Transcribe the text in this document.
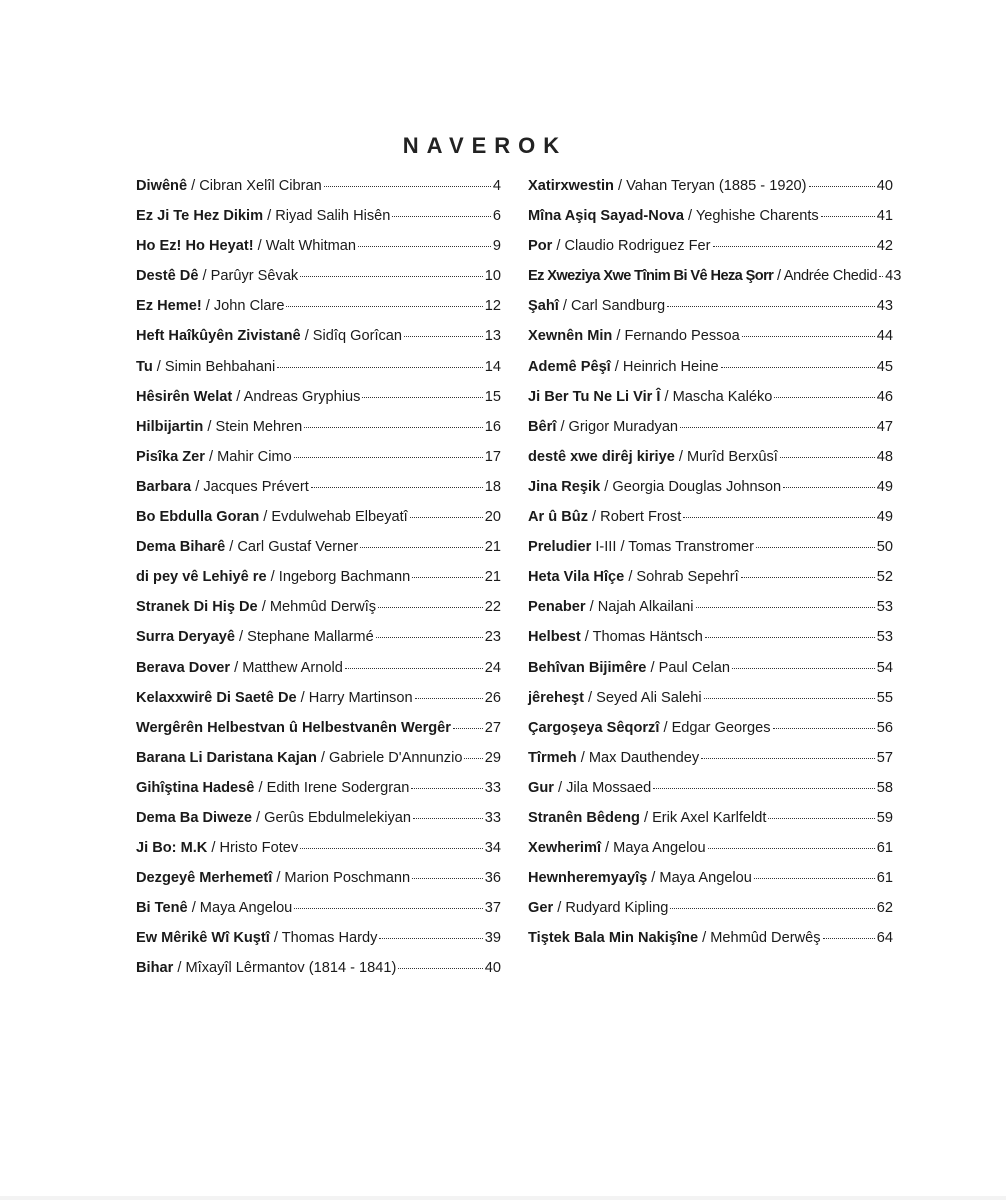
NAVEROK
Diwênê / Cibran Xelîl Cibran	4
Ez Ji Te Hez Dikim / Riyad Salih Hisên	6
Ho Ez! Ho Heyat! / Walt Whitman	9
Destê Dê / Parûyr Sêvak	10
Ez Heme! / John Clare	12
Heft Haîkûyên Zivistanê / Sidîq Gorîcan	13
Tu / Simin Behbahani	14
Hêsirên Welat / Andreas Gryphius	15
Hilbijartin / Stein Mehren	16
Pisîka Zer / Mahir Cimo	17
Barbara / Jacques Prévert	18
Bo Ebdulla Goran / Evdulwehab Elbeyatî	20
Dema Biharê / Carl Gustaf Verner	21
di pey vê Lehiyê re / Ingeborg Bachmann	21
Stranek Di Hiş De / Mehmûd Derwîş	22
Surra Deryayê / Stephane Mallarmé	23
Berava Dover / Matthew Arnold	24
Kelaxxwirê Di Saetê De / Harry Martinson	26
Wergêrên Helbestvan û Helbestvanên Wergêr 27
Barana Li Daristana Kajan / Gabriele D'Annunzio 29
Gihîştina Hadesê / Edith Irene Sodergran	33
Dema Ba Diweze / Gerûs Ebdulmelekiyan	33
Ji Bo: M.K / Hristo Fotev	34
Dezgeyê Merhemetî / Marion Poschmann	36
Bi Tenê / Maya Angelou	37
Ew Mêrikê Wî Kuştî / Thomas Hardy	39
Bihar / Mîxayîl Lêrmantov (1814 - 1841)	40
Xatirxwestin / Vahan Teryan (1885 - 1920)	40
Mîna Aşiq Sayad-Nova / Yeghishe Charents	41
Por / Claudio Rodriguez Fer	42
Ez Xweziya Xwe Tînim Bi Vê Heza Şorr / Andrée Chedid 43
Şahî / Carl Sandburg	43
Xewnên Min / Fernando Pessoa	44
Ademê Pêşî / Heinrich Heine	45
Ji Ber Tu Ne Li Vir Î / Mascha Kaléko	46
Bêrî / Grigor Muradyan	47
destê xwe dirêj kiriye / Murîd Berxûsî	48
Jina Reşik / Georgia Douglas Johnson	49
Ar û Bûz / Robert Frost	49
Preludier I-III / Tomas Transtromer	50
Heta Vila Hîçe / Sohrab Sepehrî	52
Penaber / Najah Alkailani	53
Helbest / Thomas Häntsch	53
Behîvan Bijimêre / Paul Celan	54
jêreheşt / Seyed Ali Salehi	55
Çargoşeya Sêqorzî / Edgar Georges	56
Tîrmeh / Max Dauthendey	57
Gur / Jila Mossaed	58
Stranên Bêdeng / Erik Axel Karlfeldt	59
Xewherimî / Maya Angelou	61
Hewnheremyayîş / Maya Angelou	61
Ger / Rudyard Kipling	62
Tiştek Bala Min Nakişîne / Mehmûd Derwêş	64
